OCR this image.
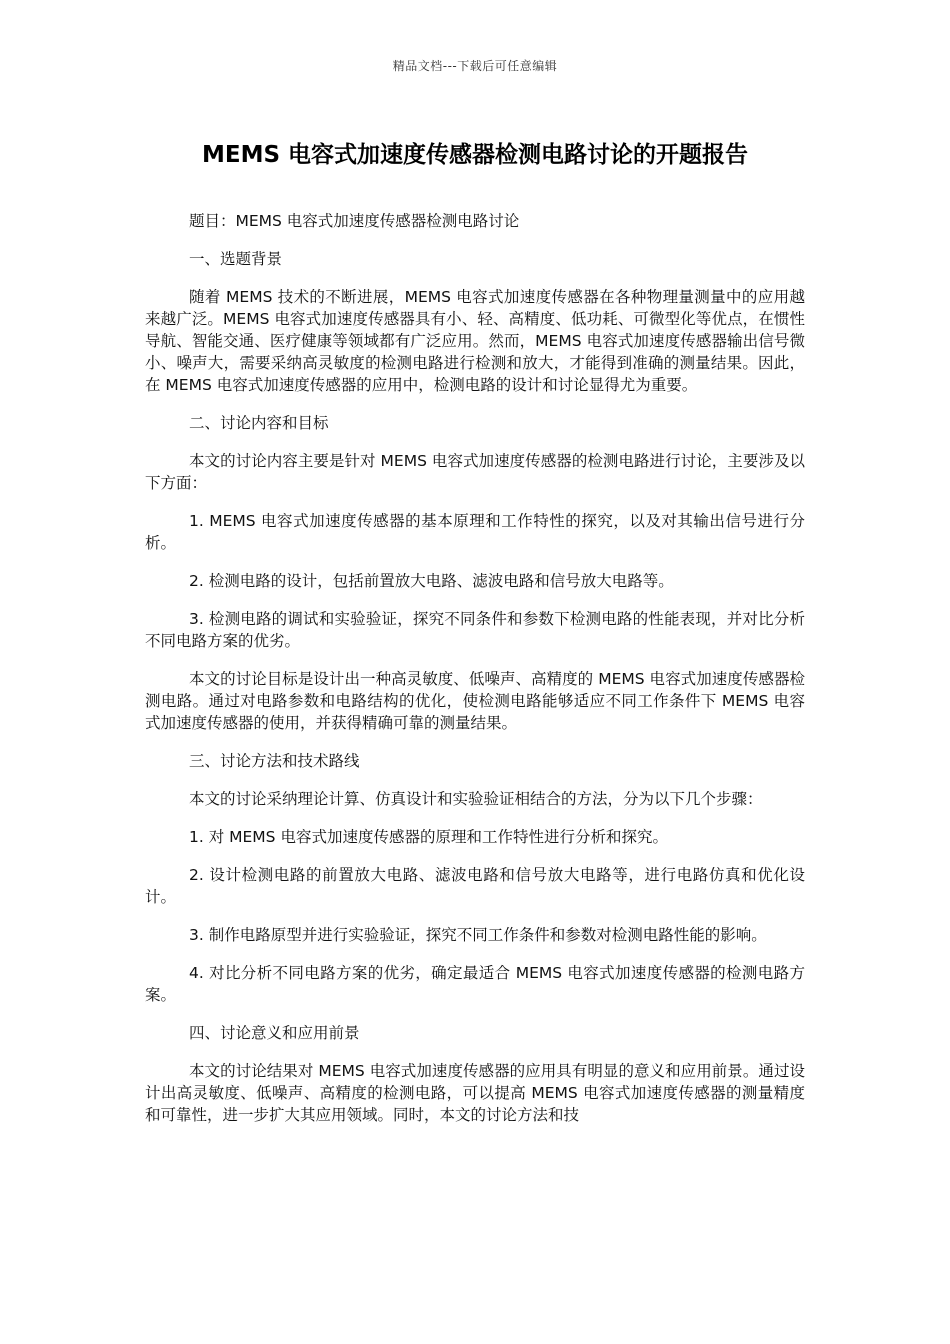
精品文档---下载后可任意编辑
MEMS 电容式加速度传感器检测电路讨论的开题报告

题目：MEMS 电容式加速度传感器检测电路讨论

一、选题背景

随着 MEMS 技术的不断进展，MEMS 电容式加速度传感器在各种物理量测量中的应用越来越广泛。MEMS 电容式加速度传感器具有小、轻、高精度、低功耗、可微型化等优点，在惯性导航、智能交通、医疗健康等领域都有广泛应用。然而，MEMS 电容式加速度传感器输出信号微小、噪声大，需要采纳高灵敏度的检测电路进行检测和放大，才能得到准确的测量结果。因此，在 MEMS 电容式加速度传感器的应用中，检测电路的设计和讨论显得尤为重要。

二、讨论内容和目标

本文的讨论内容主要是针对 MEMS 电容式加速度传感器的检测电路进行讨论，主要涉及以下方面：

1. MEMS 电容式加速度传感器的基本原理和工作特性的探究，以及对其输出信号进行分析。

2. 检测电路的设计，包括前置放大电路、滤波电路和信号放大电路等。

3. 检测电路的调试和实验验证，探究不同条件和参数下检测电路的性能表现，并对比分析不同电路方案的优劣。

本文的讨论目标是设计出一种高灵敏度、低噪声、高精度的 MEMS 电容式加速度传感器检测电路。通过对电路参数和电路结构的优化，使检测电路能够适应不同工作条件下 MEMS 电容式加速度传感器的使用，并获得精确可靠的测量结果。

三、讨论方法和技术路线

本文的讨论采纳理论计算、仿真设计和实验验证相结合的方法，分为以下几个步骤：

1. 对 MEMS 电容式加速度传感器的原理和工作特性进行分析和探究。

2. 设计检测电路的前置放大电路、滤波电路和信号放大电路等，进行电路仿真和优化设计。

3. 制作电路原型并进行实验验证，探究不同工作条件和参数对检测电路性能的影响。

4. 对比分析不同电路方案的优劣，确定最适合 MEMS 电容式加速度传感器的检测电路方案。

四、讨论意义和应用前景

本文的讨论结果对 MEMS 电容式加速度传感器的应用具有明显的意义和应用前景。通过设计出高灵敏度、低噪声、高精度的检测电路，可以提高 MEMS 电容式加速度传感器的测量精度和可靠性，进一步扩大其应用领域。同时，本文的讨论方法和技
